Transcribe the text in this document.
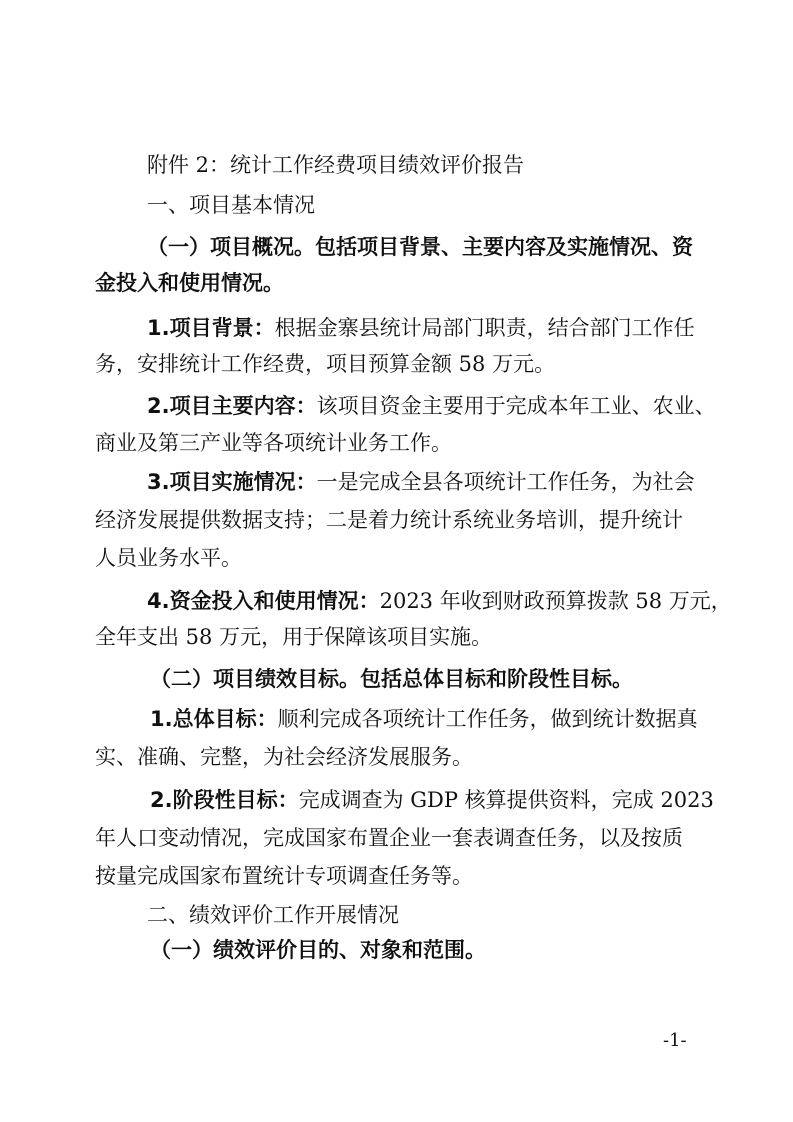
附件 2：统计工作经费项目绩效评价报告
一、项目基本情况
（一）项目概况。包括项目背景、主要内容及实施情况、资
金投入和使用情况。
1.项目背景：根据金寨县统计局部门职责，结合部门工作任
务，安排统计工作经费，项目预算金额 58 万元。
2.项目主要内容：该项目资金主要用于完成本年工业、农业、
商业及第三产业等各项统计业务工作。
3.项目实施情况：一是完成全县各项统计工作任务，为社会
经济发展提供数据支持；二是着力统计系统业务培训，提升统计
人员业务水平。
4.资金投入和使用情况：2023 年收到财政预算拨款 58 万元，
全年支出 58 万元，用于保障该项目实施。
（二）项目绩效目标。包括总体目标和阶段性目标。
1.总体目标：顺利完成各项统计工作任务，做到统计数据真
实、准确、完整，为社会经济发展服务。
2.阶段性目标：完成调查为 GDP 核算提供资料，完成 2023
年人口变动情况，完成国家布置企业一套表调查任务，以及按质
按量完成国家布置统计专项调查任务等。
二、绩效评价工作开展情况
（一）绩效评价目的、对象和范围。
-1-
